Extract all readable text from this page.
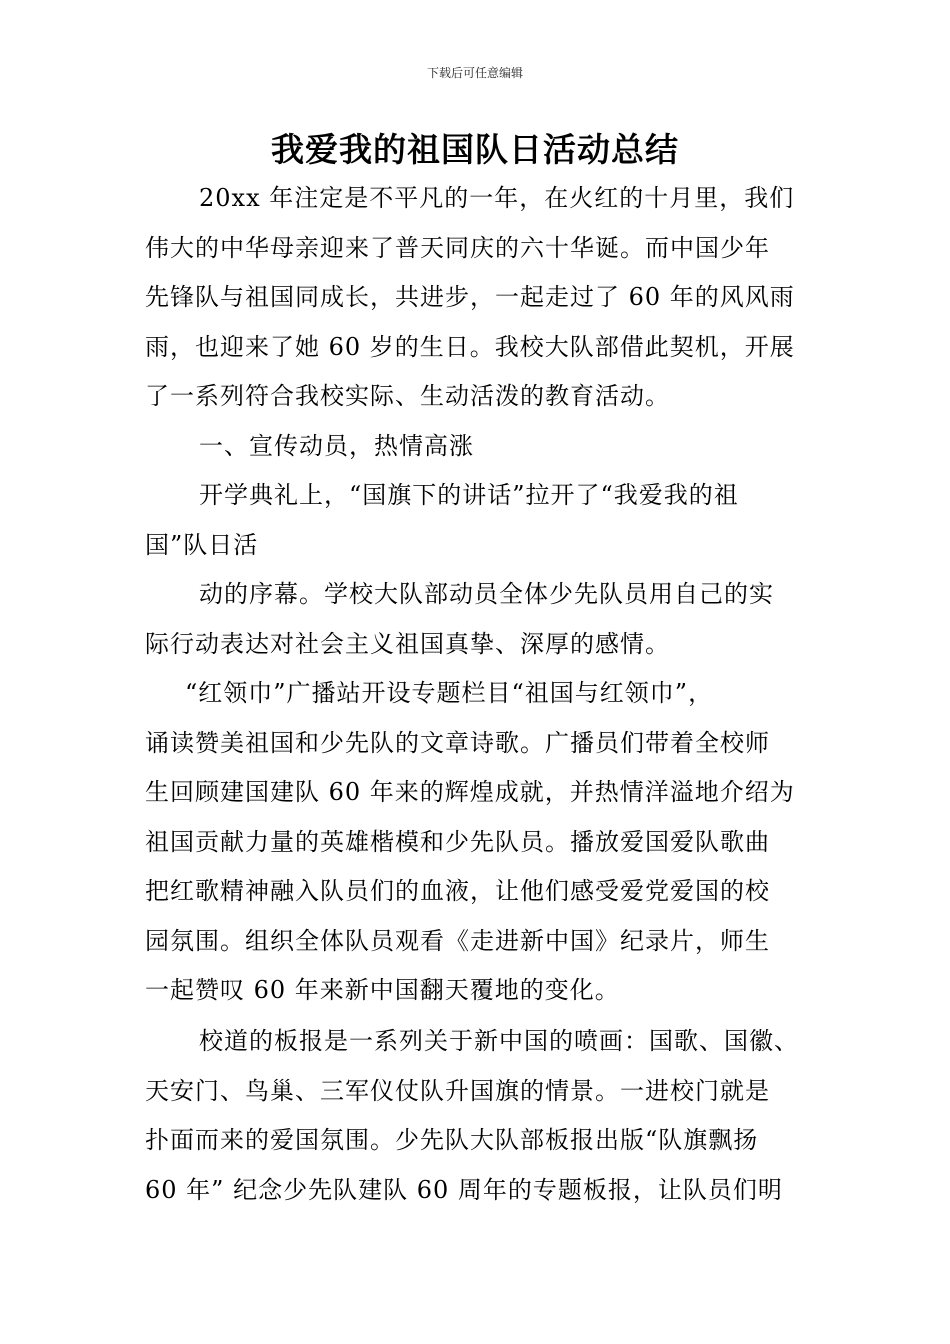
下载后可任意编辑
我爱我的祖国队日活动总结
20xx 年注定是不平凡的一年，在火红的十月里，我们
伟大的中华母亲迎来了普天同庆的六十华诞。而中国少年
先锋队与祖国同成长，共进步，一起走过了 60 年的风风雨
雨，也迎来了她 60 岁的生日。我校大队部借此契机，开展
了一系列符合我校实际、生动活泼的教育活动。
一、宣传动员，热情高涨
开学典礼上，“国旗下的讲话”拉开了“我爱我的祖
国”队日活
动的序幕。学校大队部动员全体少先队员用自己的实
际行动表达对社会主义祖国真挚、深厚的感情。
“红领巾”广播站开设专题栏目“祖国与红领巾”，
诵读赞美祖国和少先队的文章诗歌。广播员们带着全校师
生回顾建国建队 60 年来的辉煌成就，并热情洋溢地介绍为
祖国贡献力量的英雄楷模和少先队员。播放爱国爱队歌曲
把红歌精神融入队员们的血液，让他们感受爱党爱国的校
园氛围。组织全体队员观看《走进新中国》纪录片，师生
一起赞叹 60 年来新中国翻天覆地的变化。
校道的板报是一系列关于新中国的喷画：国歌、国徽、
天安门、鸟巢、三军仪仗队升国旗的情景。一进校门就是
扑面而来的爱国氛围。少先队大队部板报出版“队旗飘扬
60 年” 纪念少先队建队 60 周年的专题板报，让队员们明
